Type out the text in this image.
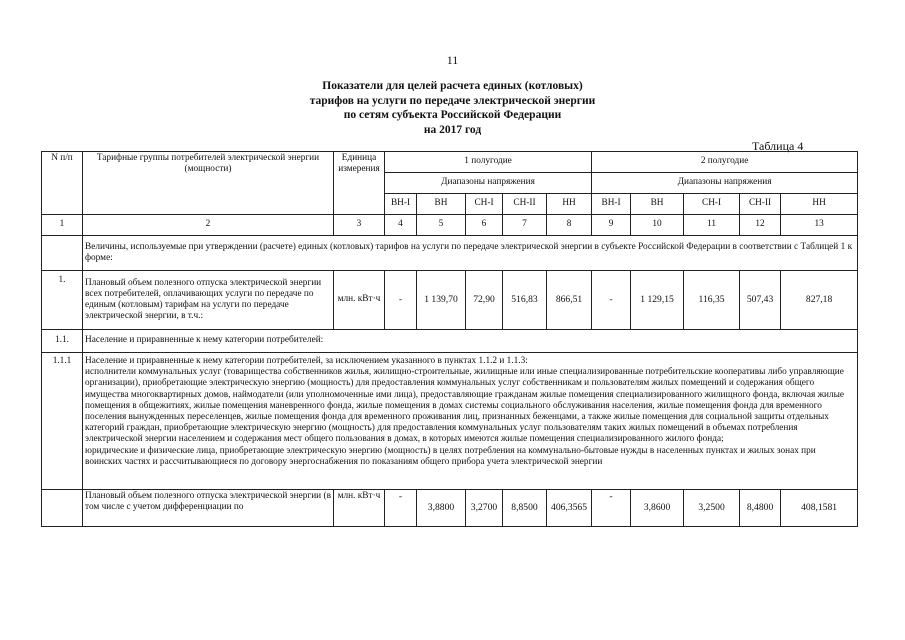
11
Показатели для целей расчета единых (котловых)
тарифов на услуги по передаче электрической энергии
по сетям субъекта Российской Федерации
на 2017 год
Таблица 4
N п/п	Тарифные группы потребителей электрической энергии (мощности)	Единица измерения	1 полугодие					2 полугодие				
			Диапазоны напряжения					Диапазоны напряжения				
			ВН-I	ВН	СН-I	СН-II	НН	ВН-I	ВН	СН-I	СН-II	НН
1	2	3	4	5	6	7	8	9	10	11	12	13
	Величины, используемые при утверждении (расчете) единых (котловых) тарифов на услуги по передаче электрической энергии в субъекте Российской Федерации в соответствии с Таблицей 1 к форме:											
1.	Плановый объем полезного отпуска электрической энергии всех потребителей, оплачивающих услуги по передаче по единым (котловым) тарифам на услуги по передаче электрической энергии, в т.ч.:	млн. кВт·ч	-	1 139,70	72,90	516,83	866,51	-	1 129,15	116,35	507,43	827,18
1.1.	Население и приравненные к нему категории потребителей:											
1.1.1	Население и приравненные к нему категории потребителей, за исключением указанного в пунктах 1.1.2 и 1.1.3:
исполнители коммунальных услуг (товарищества собственников жилья, жилищно-строительные, жилищные или иные специализированные потребительские кооперативы либо управляющие организации), приобретающие электрическую энергию (мощность) для предоставления коммунальных услуг собственникам и пользователям жилых помещений и содержания общего имущества многоквартирных домов, наймодатели (или уполномоченные ими лица), предоставляющие гражданам жилые помещения специализированного жилищного фонда, включая жилые помещения в общежитиях, жилые помещения маневренного фонда, жилые помещения в домах системы социального обслуживания населения, жилые помещения фонда для временного поселения вынужденных переселенцев, жилые помещения фонда для временного проживания лиц, признанных беженцами, а также жилые помещения для социальной защиты отдельных категорий граждан, приобретающие электрическую энергию (мощность) для предоставления коммунальных услуг пользователям таких жилых помещений в объемах потребления электрической энергии населением и содержания мест общего пользования в домах, в которых имеются жилые помещения специализированного жилого фонда;
юридические и физические лица, приобретающие электрическую энергию (мощность) в целях потребления на коммунально-бытовые нужды в населенных пунктах и жилых зонах при воинских частях и рассчитывающиеся по договору энергоснабжения по показаниям общего прибора учета электрической энергии											

	Плановый объем полезного отпуска электрической энергии (в том числе с учетом дифференциации по	млн. кВт·ч	-	3,8800	3,2700	8,8500	406,3565	-	3,8600	3,2500	8,4800	408,1581
